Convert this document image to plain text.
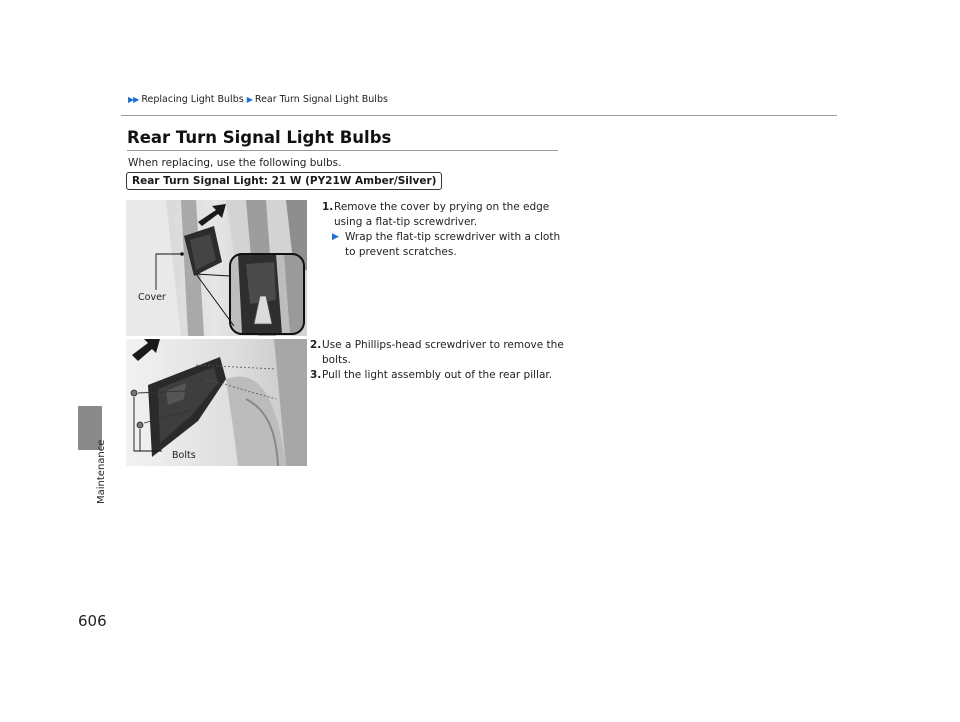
Maintenance
▶▶ Replacing Light Bulbs ▶ Rear Turn Signal Light Bulbs
Rear Turn Signal Light Bulbs
When replacing, use the following bulbs.
Rear Turn Signal Light: 21 W (PY21W Amber/Silver)
Cover
Bolts
1. Remove the cover by prying on the edge using a flat-tip screwdriver.
▶ Wrap the flat-tip screwdriver with a cloth to prevent scratches.
2. Use a Phillips-head screwdriver to remove the bolts.
3. Pull the light assembly out of the rear pillar.
606
